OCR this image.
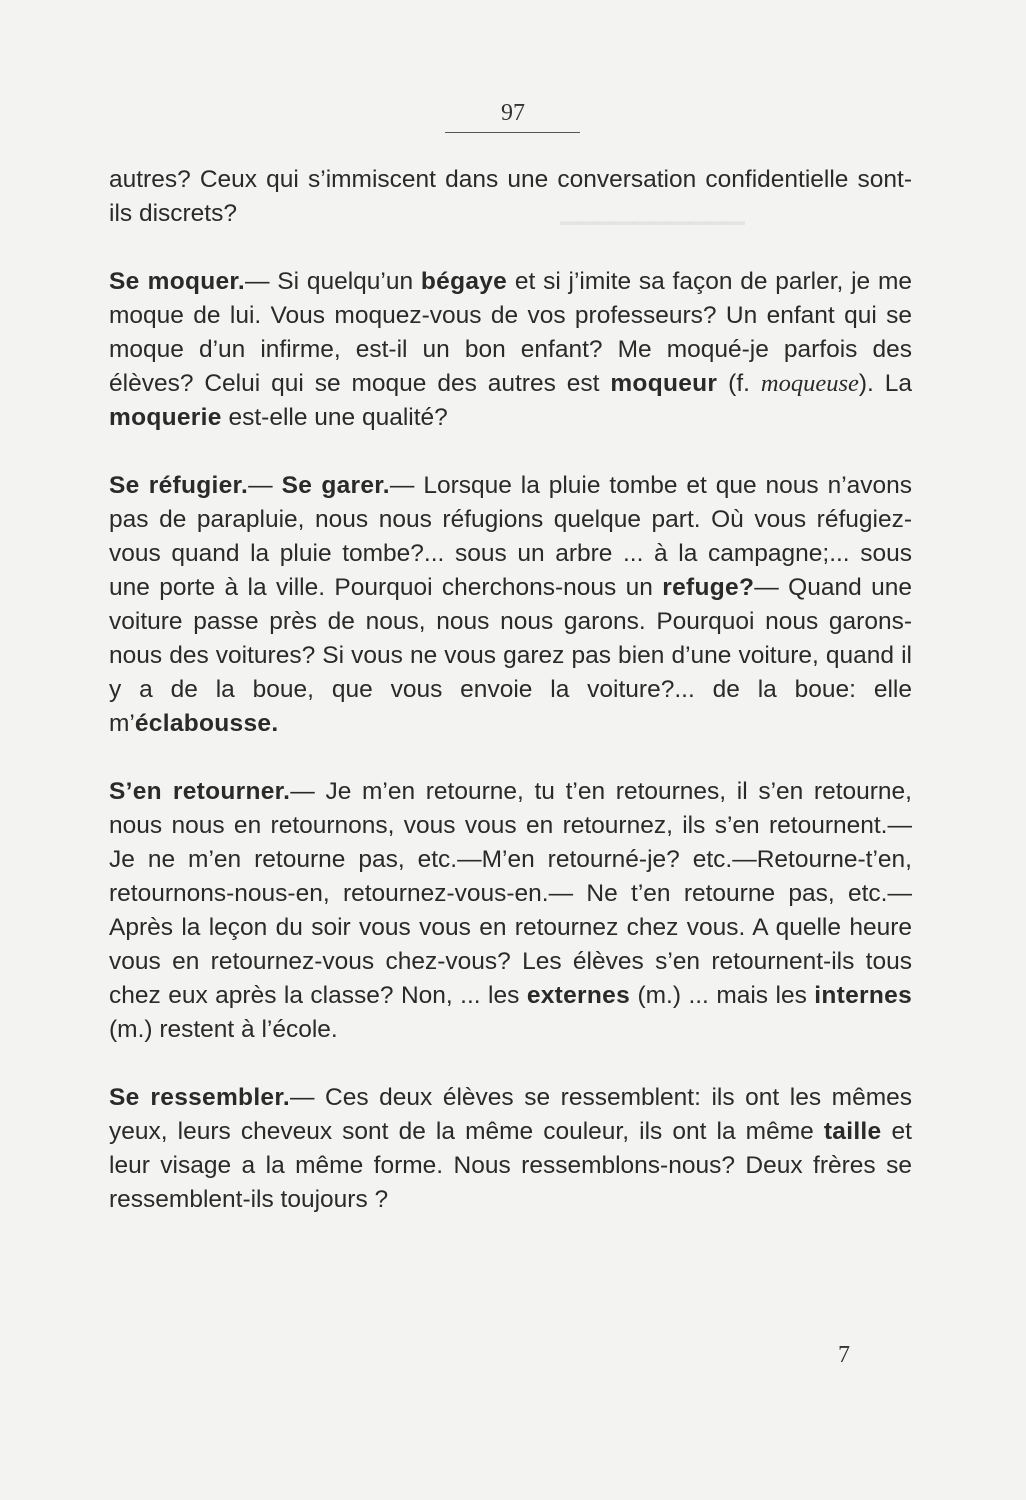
▁▁▁▁▁▁▁▁▁▁
97

autres? Ceux qui s’immiscent dans une conversation confidentielle sont-ils discrets?

Se moquer.— Si quelqu’un bégaye et si j’imite sa façon de parler, je me moque de lui. Vous moquez-vous de vos professeurs? Un enfant qui se moque d’un infirme, est-il un bon enfant? Me moqué-je parfois des élèves? Celui qui se moque des autres est moqueur (f. moqueuse). La moquerie est-elle une qualité?

Se réfugier.— Se garer.— Lorsque la pluie tombe et que nous n’avons pas de parapluie, nous nous réfugions quelque part. Où vous réfugiez-vous quand la pluie tombe?... sous un arbre ... à la campagne;... sous une porte à la ville. Pourquoi cherchons-nous un refuge?— Quand une voiture passe près de nous, nous nous garons. Pourquoi nous garons-nous des voitures? Si vous ne vous garez pas bien d’une voiture, quand il y a de la boue, que vous envoie la voiture?... de la boue: elle m’éclabousse.

S’en retourner.— Je m’en retourne, tu t’en retournes, il s’en retourne, nous nous en retournons, vous vous en retournez, ils s’en retournent.—Je ne m’en retourne pas, etc.—M’en retourné-je? etc.—Retourne-t’en, retournons-nous-en, retournez-vous-en.— Ne t’en retourne pas, etc.—Après la leçon du soir vous vous en retournez chez vous. A quelle heure vous en retournez-vous chez-vous? Les élèves s’en retournent-ils tous chez eux après la classe? Non, ... les externes (m.) ... mais les internes (m.) restent à l’école.

Se ressembler.— Ces deux élèves se ressemblent: ils ont les mêmes yeux, leurs cheveux sont de la même couleur, ils ont la même taille et leur visage a la même forme. Nous ressemblons-nous? Deux frères se ressemblent-ils toujours ?

7
